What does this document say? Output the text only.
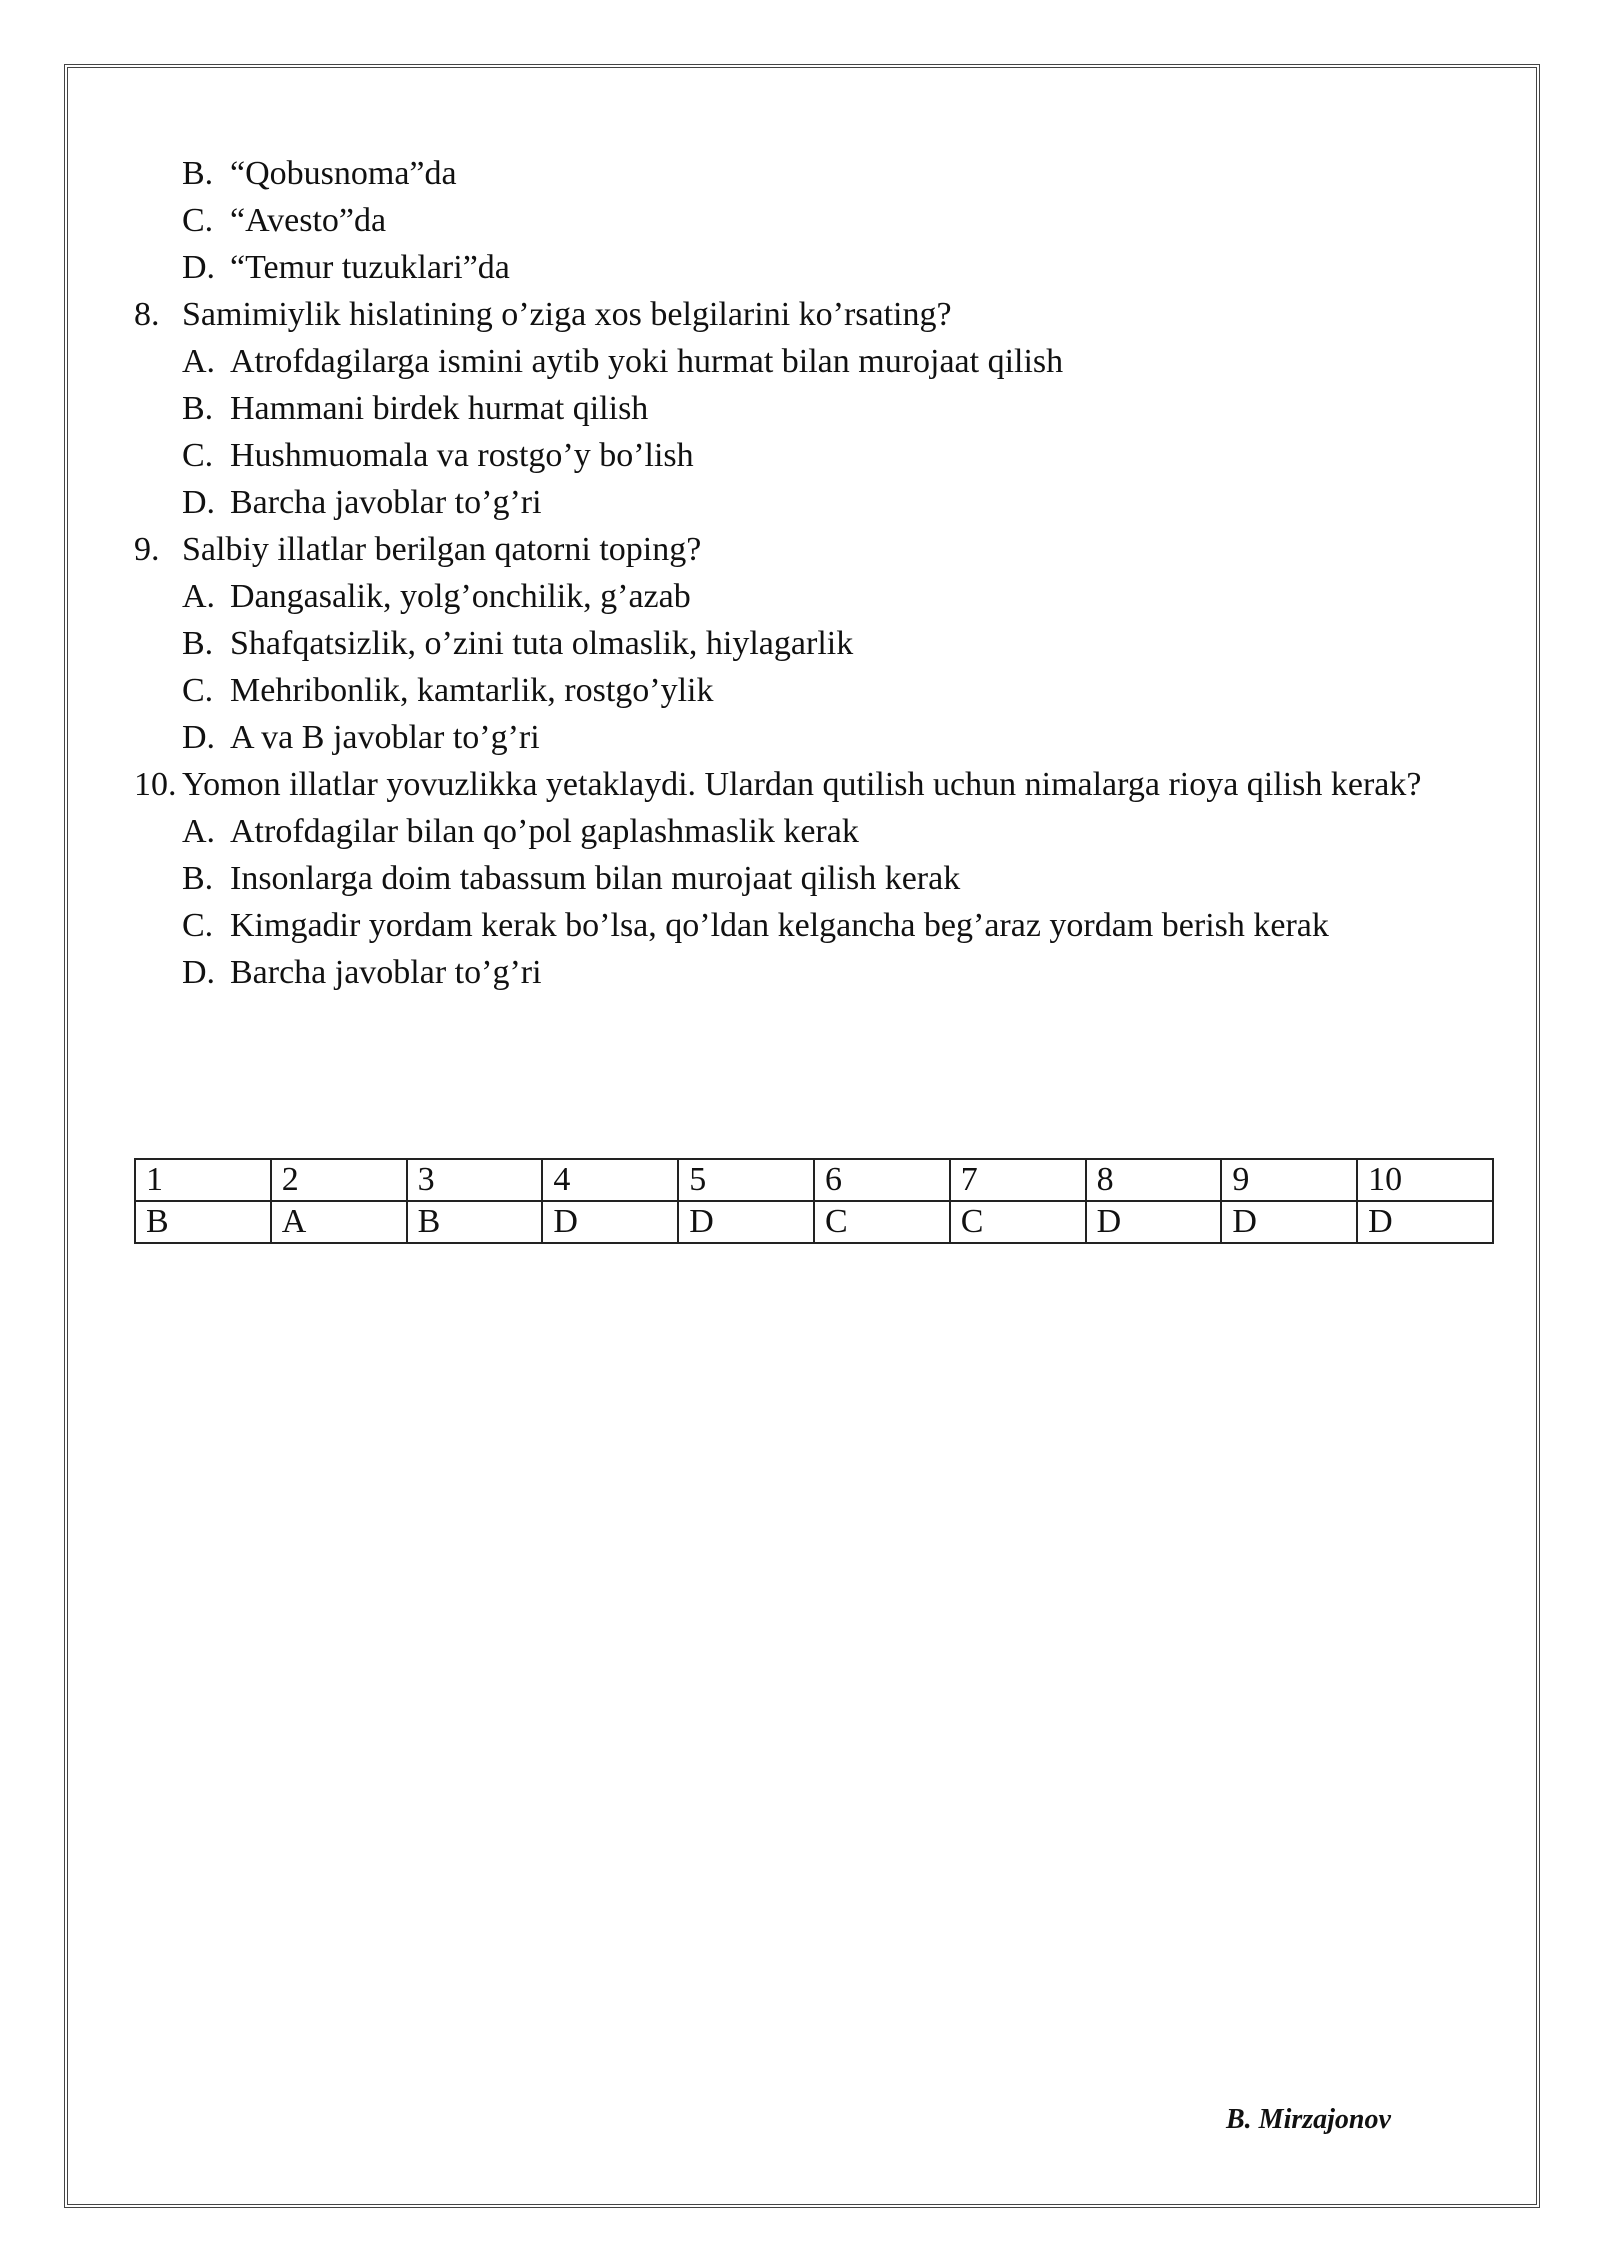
B. “Qobusnoma”da
C. “Avesto”da
D. “Temur tuzuklari”da
8. Samimiylik hislatining o’ziga xos belgilarini ko’rsating?
A. Atrofdagilarga ismini aytib yoki hurmat bilan murojaat qilish
B. Hammani birdek hurmat qilish
C. Hushmuomala va rostgo’y bo’lish
D. Barcha javoblar to’g’ri
9. Salbiy illatlar berilgan qatorni toping?
A. Dangasalik, yolg’onchilik, g’azab
B. Shafqatsizlik, o’zini tuta olmaslik, hiylagarlik
C. Mehribonlik, kamtarlik, rostgo’ylik
D. A va B javoblar to’g’ri
10. Yomon illatlar yovuzlikka yetaklaydi. Ulardan qutilish uchun nimalarga rioya qilish kerak?
A. Atrofdagilar bilan qo’pol gaplashmaslik kerak
B. Insonlarga doim tabassum bilan murojaat qilish kerak
C. Kimgadir yordam kerak bo’lsa, qo’ldan kelgancha beg’araz yordam berish kerak
D. Barcha javoblar to’g’ri
1	2	3	4	5	6	7	8	9	10
B	A	B	D	D	C	C	D	D	D
B. Mirzajonov
